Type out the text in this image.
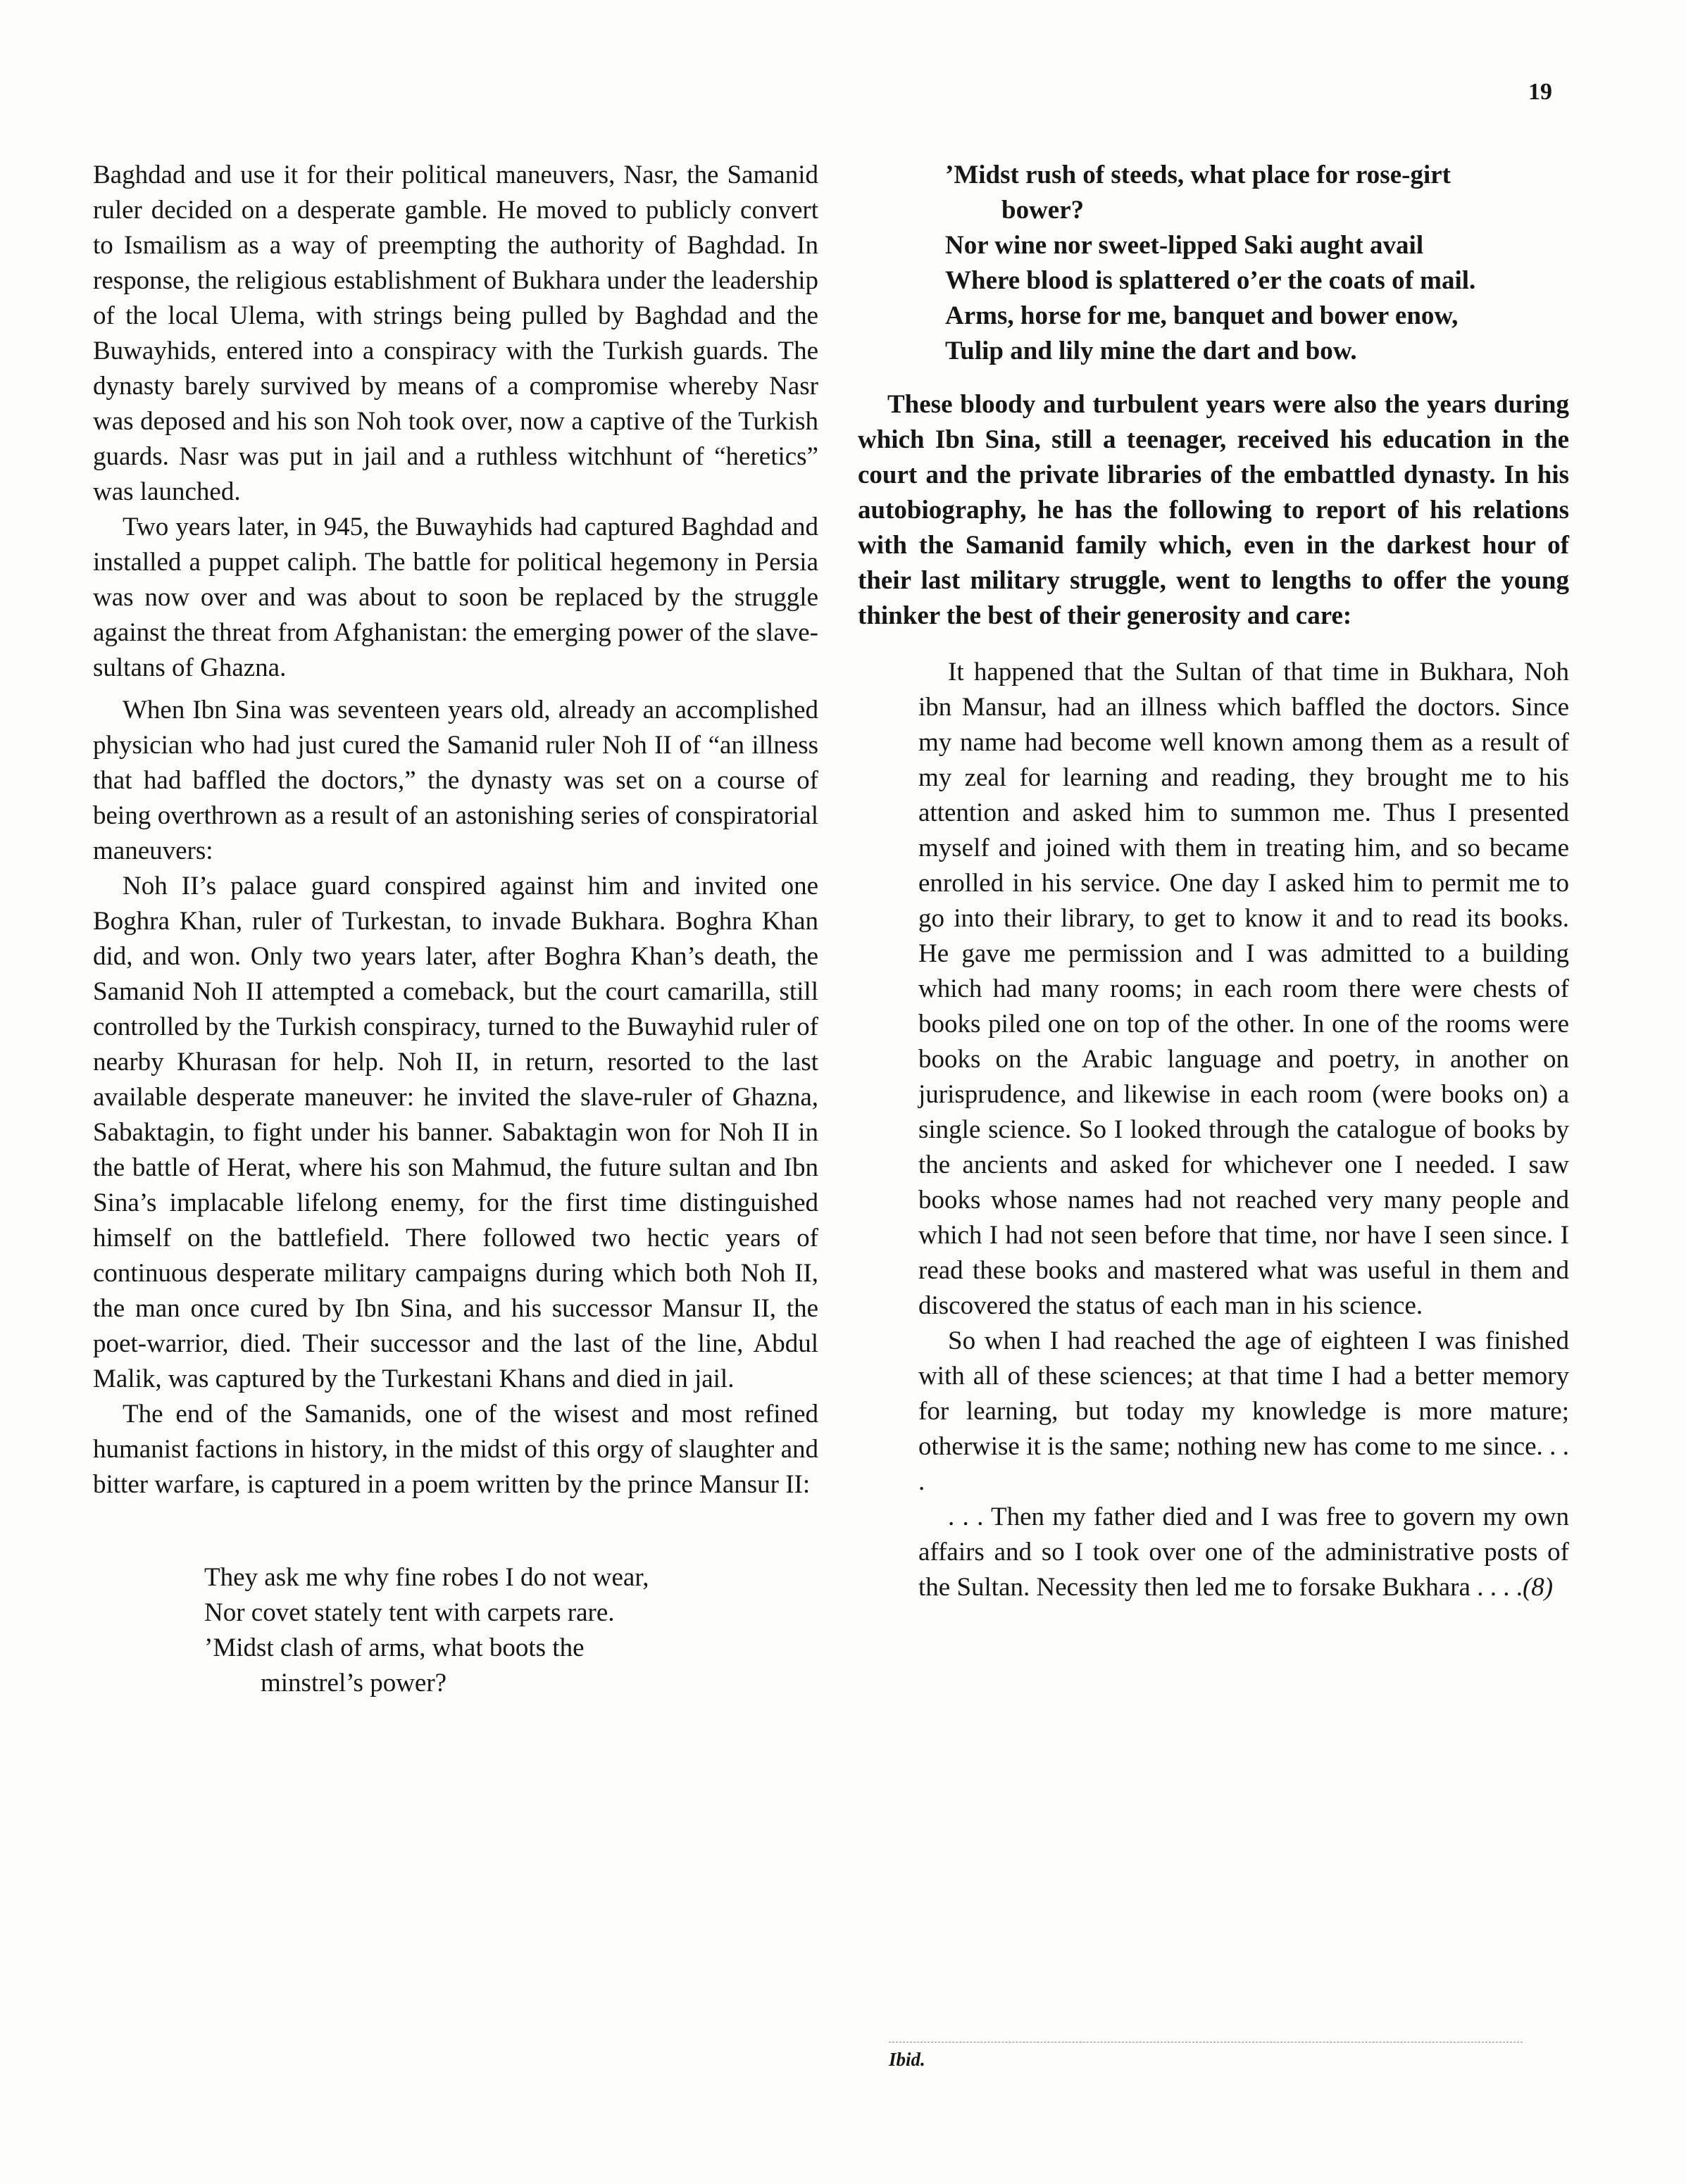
19

Baghdad and use it for their political maneuvers, Nasr, the Samanid ruler decided on a desperate gamble. He moved to publicly convert to Ismailism as a way of preempting the authority of Baghdad. In response, the religious establishment of Bukhara under the leadership of the local Ulema, with strings being pulled by Baghdad and the Buwayhids, entered into a conspiracy with the Turkish guards. The dynasty barely survived by means of a compromise whereby Nasr was deposed and his son Noh took over, now a captive of the Turkish guards. Nasr was put in jail and a ruthless witchhunt of “heretics” was launched.

Two years later, in 945, the Buwayhids had captured Baghdad and installed a puppet caliph. The battle for political hegemony in Persia was now over and was about to soon be replaced by the struggle against the threat from Afghanistan: the emerging power of the slave-sultans of Ghazna.

When Ibn Sina was seventeen years old, already an accomplished physician who had just cured the Samanid ruler Noh II of “an illness that had baffled the doctors,” the dynasty was set on a course of being overthrown as a result of an astonishing series of conspiratorial maneuvers:

Noh II’s palace guard conspired against him and invited one Boghra Khan, ruler of Turkestan, to invade Bukhara. Boghra Khan did, and won. Only two years later, after Boghra Khan’s death, the Samanid Noh II attempted a comeback, but the court camarilla, still controlled by the Turkish conspiracy, turned to the Buwayhid ruler of nearby Khurasan for help. Noh II, in return, resorted to the last available desperate maneuver: he invited the slave-ruler of Ghazna, Sabaktagin, to fight under his banner. Sabaktagin won for Noh II in the battle of Herat, where his son Mahmud, the future sultan and Ibn Sina’s implacable lifelong enemy, for the first time distinguished himself on the battlefield. There followed two hectic years of continuous desperate military campaigns during which both Noh II, the man once cured by Ibn Sina, and his successor Mansur II, the poet-warrior, died. Their successor and the last of the line, Abdul Malik, was captured by the Turkestani Khans and died in jail.

The end of the Samanids, one of the wisest and most refined humanist factions in history, in the midst of this orgy of slaughter and bitter warfare, is captured in a poem written by the prince Mansur II:

They ask me why fine robes I do not wear,
Nor covet stately tent with carpets rare.
’Midst clash of arms, what boots the
minstrel’s power?
’Midst rush of steeds, what place for rose-girt
bower?
Nor wine nor sweet-lipped Saki aught avail
Where blood is splattered o’er the coats of mail.
Arms, horse for me, banquet and bower enow,
Tulip and lily mine the dart and bow.

These bloody and turbulent years were also the years during which Ibn Sina, still a teenager, received his education in the court and the private libraries of the embattled dynasty. In his autobiography, he has the following to report of his relations with the Samanid family which, even in the darkest hour of their last military struggle, went to lengths to offer the young thinker the best of their generosity and care:

It happened that the Sultan of that time in Bukhara, Noh ibn Mansur, had an illness which baffled the doctors. Since my name had become well known among them as a result of my zeal for learning and reading, they brought me to his attention and asked him to summon me. Thus I presented myself and joined with them in treating him, and so became enrolled in his service. One day I asked him to permit me to go into their library, to get to know it and to read its books. He gave me permission and I was admitted to a building which had many rooms; in each room there were chests of books piled one on top of the other. In one of the rooms were books on the Arabic language and poetry, in another on jurisprudence, and likewise in each room (were books on) a single science. So I looked through the catalogue of books by the ancients and asked for whichever one I needed. I saw books whose names had not reached very many people and which I had not seen before that time, nor have I seen since. I read these books and mastered what was useful in them and discovered the status of each man in his science.

So when I had reached the age of eighteen I was finished with all of these sciences; at that time I had a better memory for learning, but today my knowledge is more mature; otherwise it is the same; nothing new has come to me since. . . .

. . . Then my father died and I was free to govern my own affairs and so I took over one of the administrative posts of the Sultan. Necessity then led me to forsake Bukhara . . . .(8)

Ibid.
